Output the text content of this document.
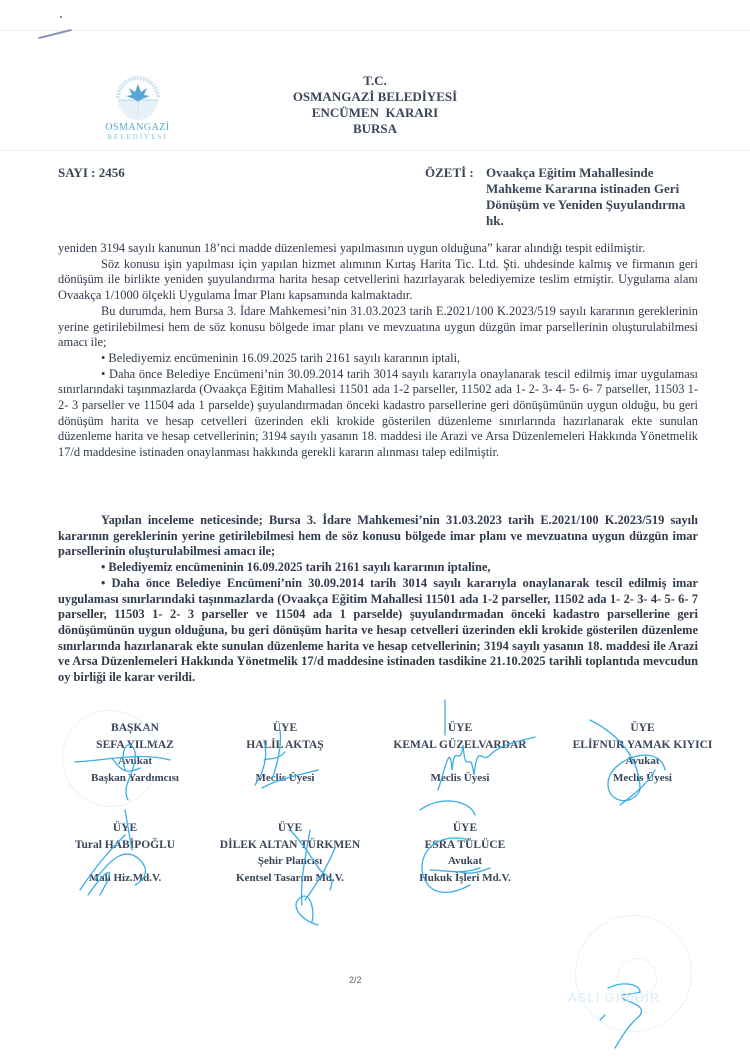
OSMANGAZİ
BELEDİYESİ
T.C.
OSMANGAZİ BELEDİYESİ
ENCÜMEN  KARARI
BURSA
SAYI : 2456	ÖZETİ : Ovaakça Eğitim Mahallesinde Mahkeme Kararına istinaden Geri Dönüşüm ve Yeniden Şuyulandırma hk.

yeniden 3194 sayılı kanunun 18’nci madde düzenlemesi yapılmasının uygun olduğuna” karar alındığı tespit edilmiştir.

Söz konusu işin yapılması için yapılan hizmet alımının Kırtaş Harita Tic. Ltd. Şti. uhdesinde kalmış ve firmanın geri dönüşüm ile birlikte yeniden şuyulandırma harita hesap cetvellerini hazırlayarak belediyemize teslim etmiştir. Uygulama alanı Ovaakça 1/1000 ölçekli Uygulama İmar Planı kapsamında kalmaktadır.

Bu durumda, hem Bursa 3. İdare Mahkemesi’nin 31.03.2023 tarih E.2021/100 K.2023/519 sayılı kararının gereklerinin yerine getirilebilmesi hem de söz konusu bölgede imar planı ve mevzuatına uygun düzgün imar parsellerinin oluşturulabilmesi amacı ile;

• Belediyemiz encümeninin 16.09.2025 tarih 2161 sayılı kararının iptali,

• Daha önce Belediye Encümeni’nin 30.09.2014 tarih 3014 sayılı kararıyla onaylanarak tescil edilmiş imar uygulaması sınırlarındaki taşınmazlarda (Ovaakça Eğitim Mahallesi 11501 ada 1-2 parseller, 11502 ada 1- 2- 3- 4- 5- 6- 7 parseller, 11503 1- 2- 3 parseller ve 11504 ada 1 parselde) şuyulandırmadan önceki kadastro parsellerine geri dönüşümünün uygun olduğu, bu geri dönüşüm harita ve hesap cetvelleri üzerinden ekli krokide gösterilen düzenleme sınırlarında hazırlanarak ekte sunulan düzenleme harita ve hesap cetvellerinin; 3194 sayılı yasanın 18. maddesi ile Arazi ve Arsa Düzenlemeleri Hakkında Yönetmelik 17/d maddesine istinaden onaylanması hakkında gerekli kararın alınması talep edilmiştir.

Yapılan inceleme neticesinde; Bursa 3. İdare Mahkemesi’nin 31.03.2023 tarih E.2021/100 K.2023/519 sayılı kararının gereklerinin yerine getirilebilmesi hem de söz konusu bölgede imar planı ve mevzuatına uygun düzgün imar parsellerinin oluşturulabilmesi amacı ile;

• Belediyemiz encümeninin 16.09.2025 tarih 2161 sayılı kararının iptaline,

• Daha önce Belediye Encümeni’nin 30.09.2014 tarih 3014 sayılı kararıyla onaylanarak tescil edilmiş imar uygulaması sınırlarındaki taşınmazlarda (Ovaakça Eğitim Mahallesi 11501 ada 1-2 parseller, 11502 ada 1- 2- 3- 4- 5- 6- 7 parseller, 11503 1- 2- 3 parseller ve 11504 ada 1 parselde) şuyulandırmadan önceki kadastro parsellerine geri dönüşümünün uygun olduğuna, bu geri dönüşüm harita ve hesap cetvelleri üzerinden ekli krokide gösterilen düzenleme sınırlarında hazırlanarak ekte sunulan düzenleme harita ve hesap cetvellerinin; 3194 sayılı yasanın 18. maddesi ile Arazi ve Arsa Düzenlemeleri Hakkında Yönetmelik 17/d maddesine istinaden tasdikine 21.10.2025 tarihli toplantıda mevcudun oy birliği ile karar verildi.

BAŞKAN
SEFA YILMAZ
Avukat
Başkan Yardımcısı
ÜYE
HALİL AKTAŞ
Meclis Üyesi
ÜYE
KEMAL GÜZELVARDAR
Meclis Üyesi
ÜYE
ELİFNUR YAMAK KIYICI
Avukat
Meclis Üyesi
ÜYE
Tural HABİPOĞLU
Mali Hiz.Md.V.
ÜYE
DİLEK ALTAN TÜRKMEN
Şehir Plancısı
Kentsel Tasarım Md.V.
ÜYE
ESRA TÜLÜCE
Avukat
Hukuk İşleri Md.V.
ASLI GİBİDİR
2/2
